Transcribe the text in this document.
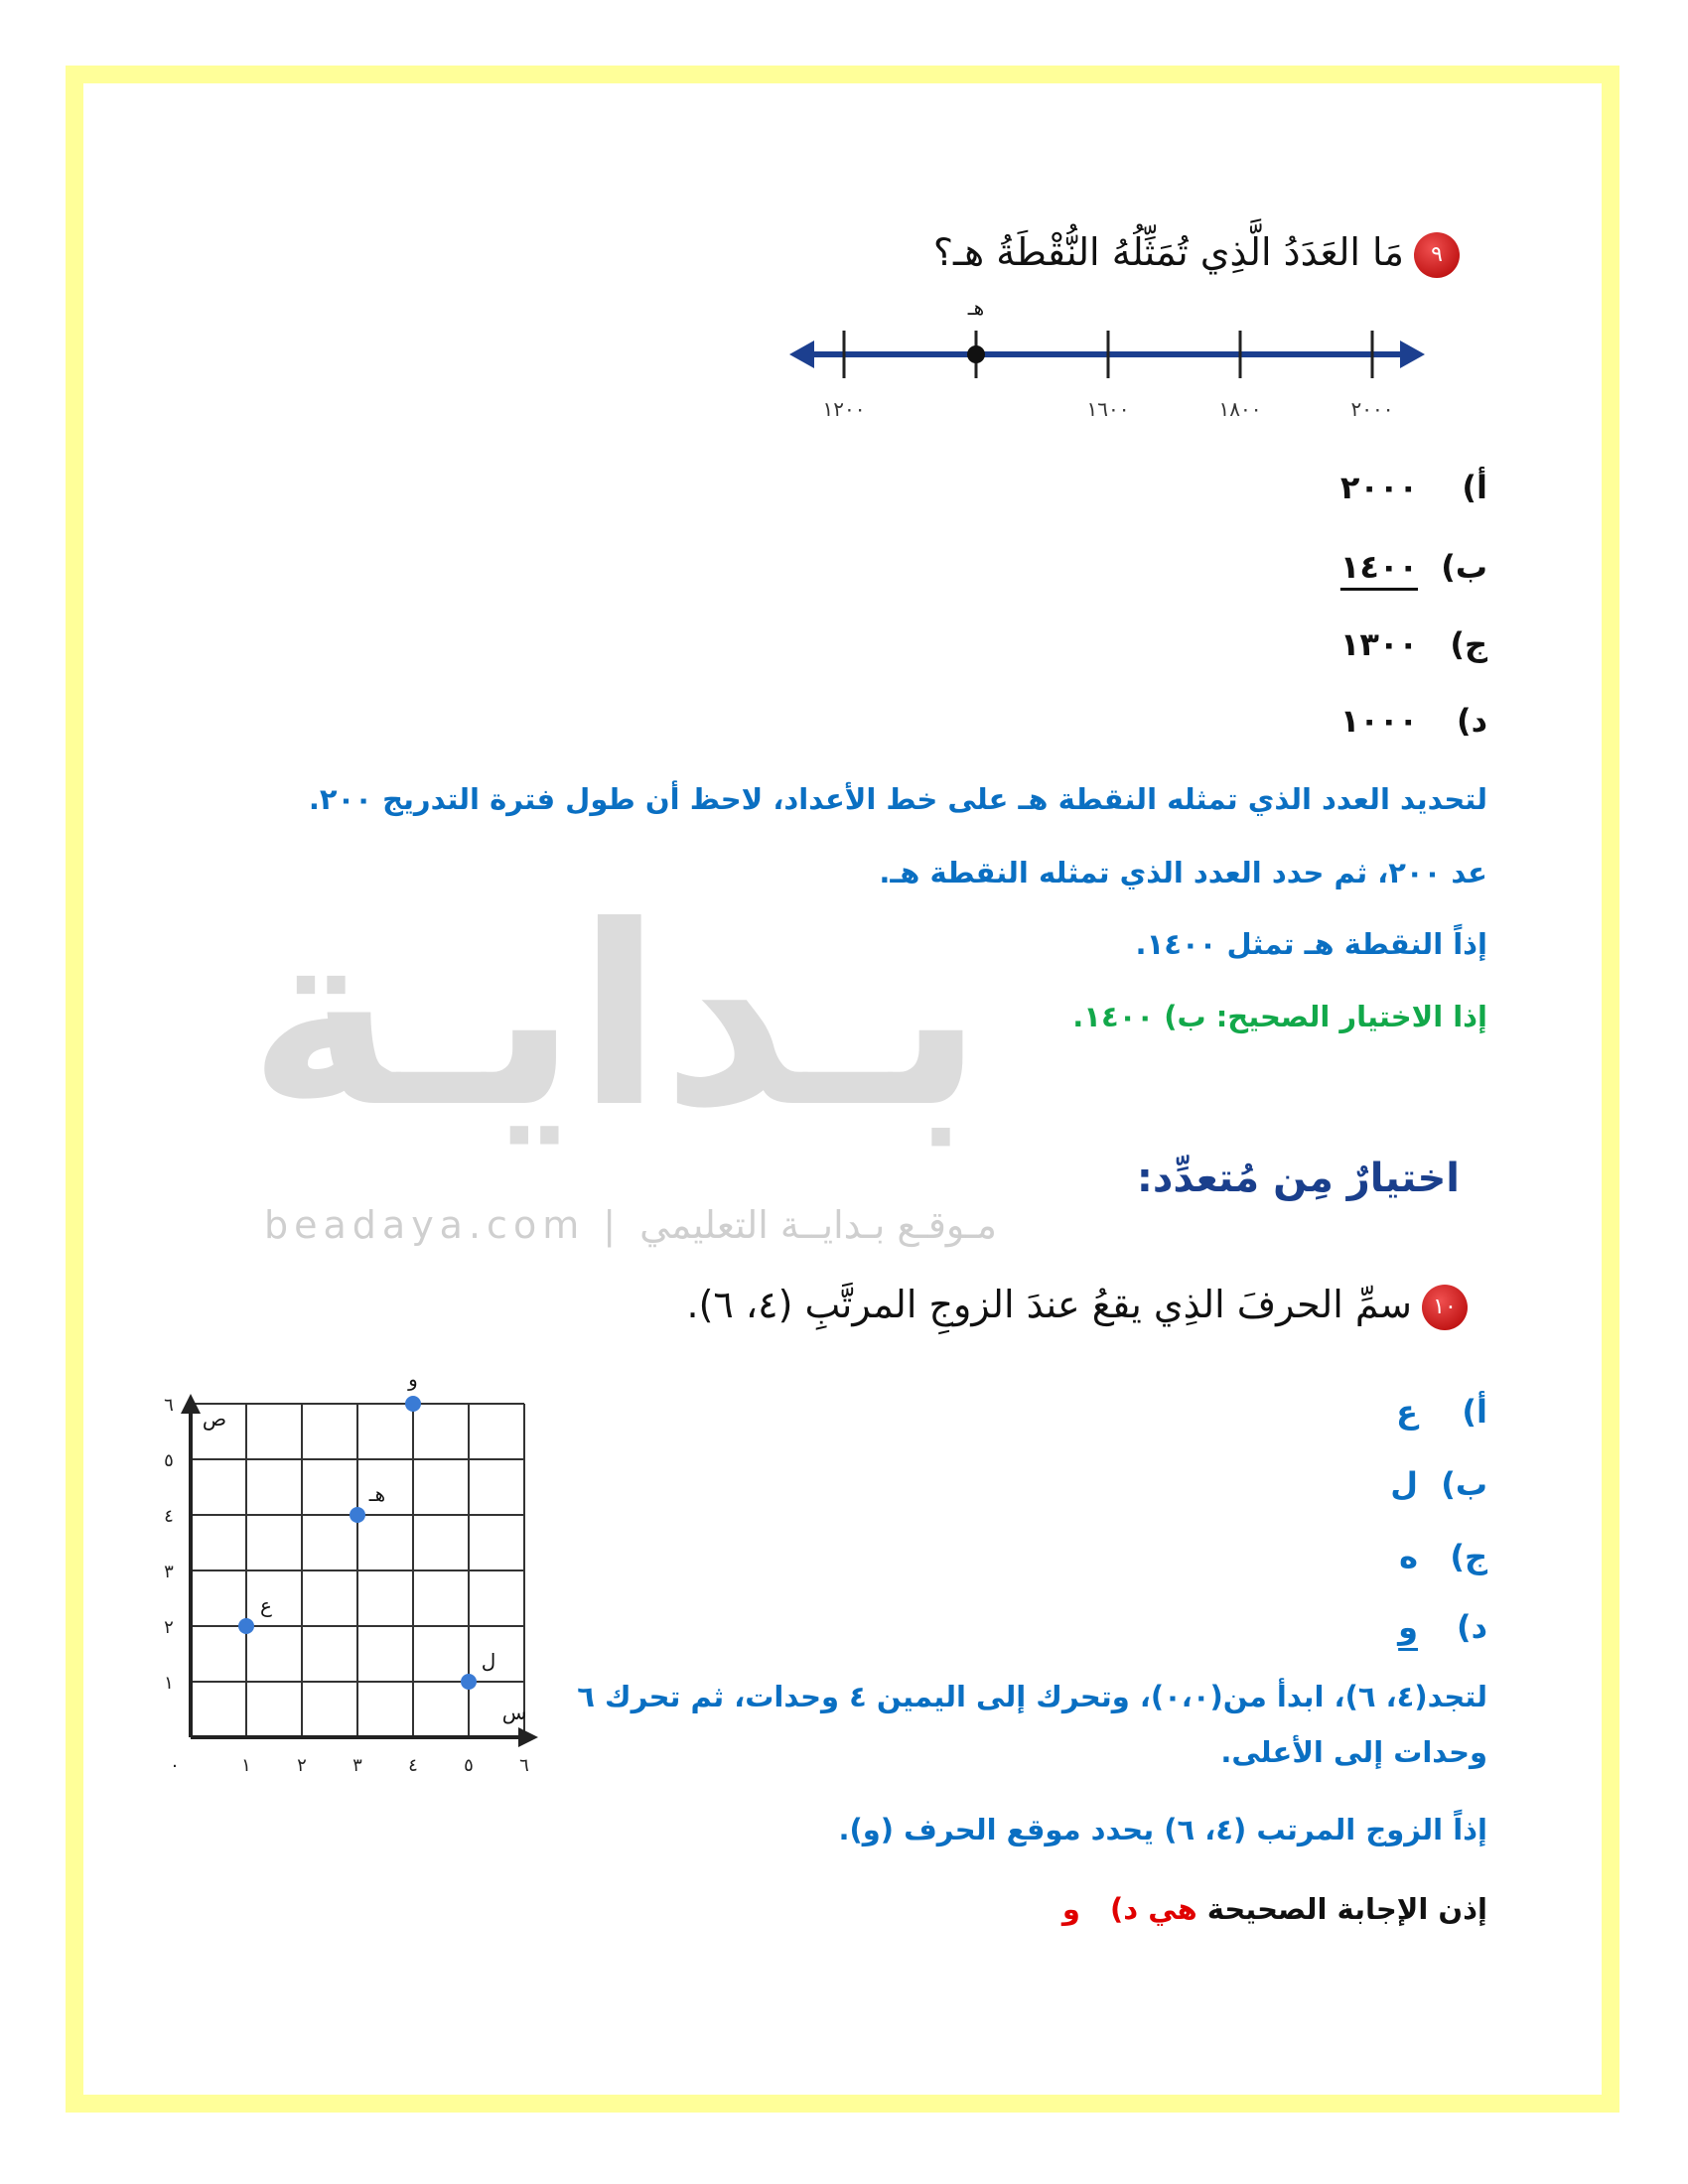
بـدايـة
beadaya.com | مـوقـع بـدايــة التعليمي
٩مَا العَدَدُ الَّذِي تُمَثِّلُهُ النُّقْطَةُ هـ؟
١٢٠٠	١٦٠٠	١٨٠٠	٢٠٠٠
هـ
أ)٢٠٠٠
ب)١٤٠٠
ج)١٣٠٠
د)١٠٠٠
لتحديد العدد الذي تمثله النقطة هـ على خط الأعداد، لاحظ أن طول فترة التدريج ٢٠٠.
عد ٢٠٠، ثم حدد العدد الذي تمثله النقطة هـ.
إذاً النقطة هـ تمثل ١٤٠٠.
إذا الاختيار الصحيح: ب) ١٤٠٠.
اختيارٌ مِن مُتعدِّد:
١٠سمِّ الحرفَ الذِي يقعُ عندَ الزوجِ المرتَّبِ (٤، ٦).
س
ص
٠	١	٢	٣	٤	٥	٦
١
٢
٣
٤
٥
٦
ع
هـ
و
ل
أ)ع
ب)ل
ج)ه
د)و
لتجد(٤، ٦)، ابدأ من(٠،٠)، وتحرك إلى اليمين ٤ وحدات، ثم تحرك ٦
وحدات إلى الأعلى.
إذاً الزوج المرتب (٤، ٦) يحدد موقع الحرف (و).
إذن الإجابة الصحيحة هي د) و
